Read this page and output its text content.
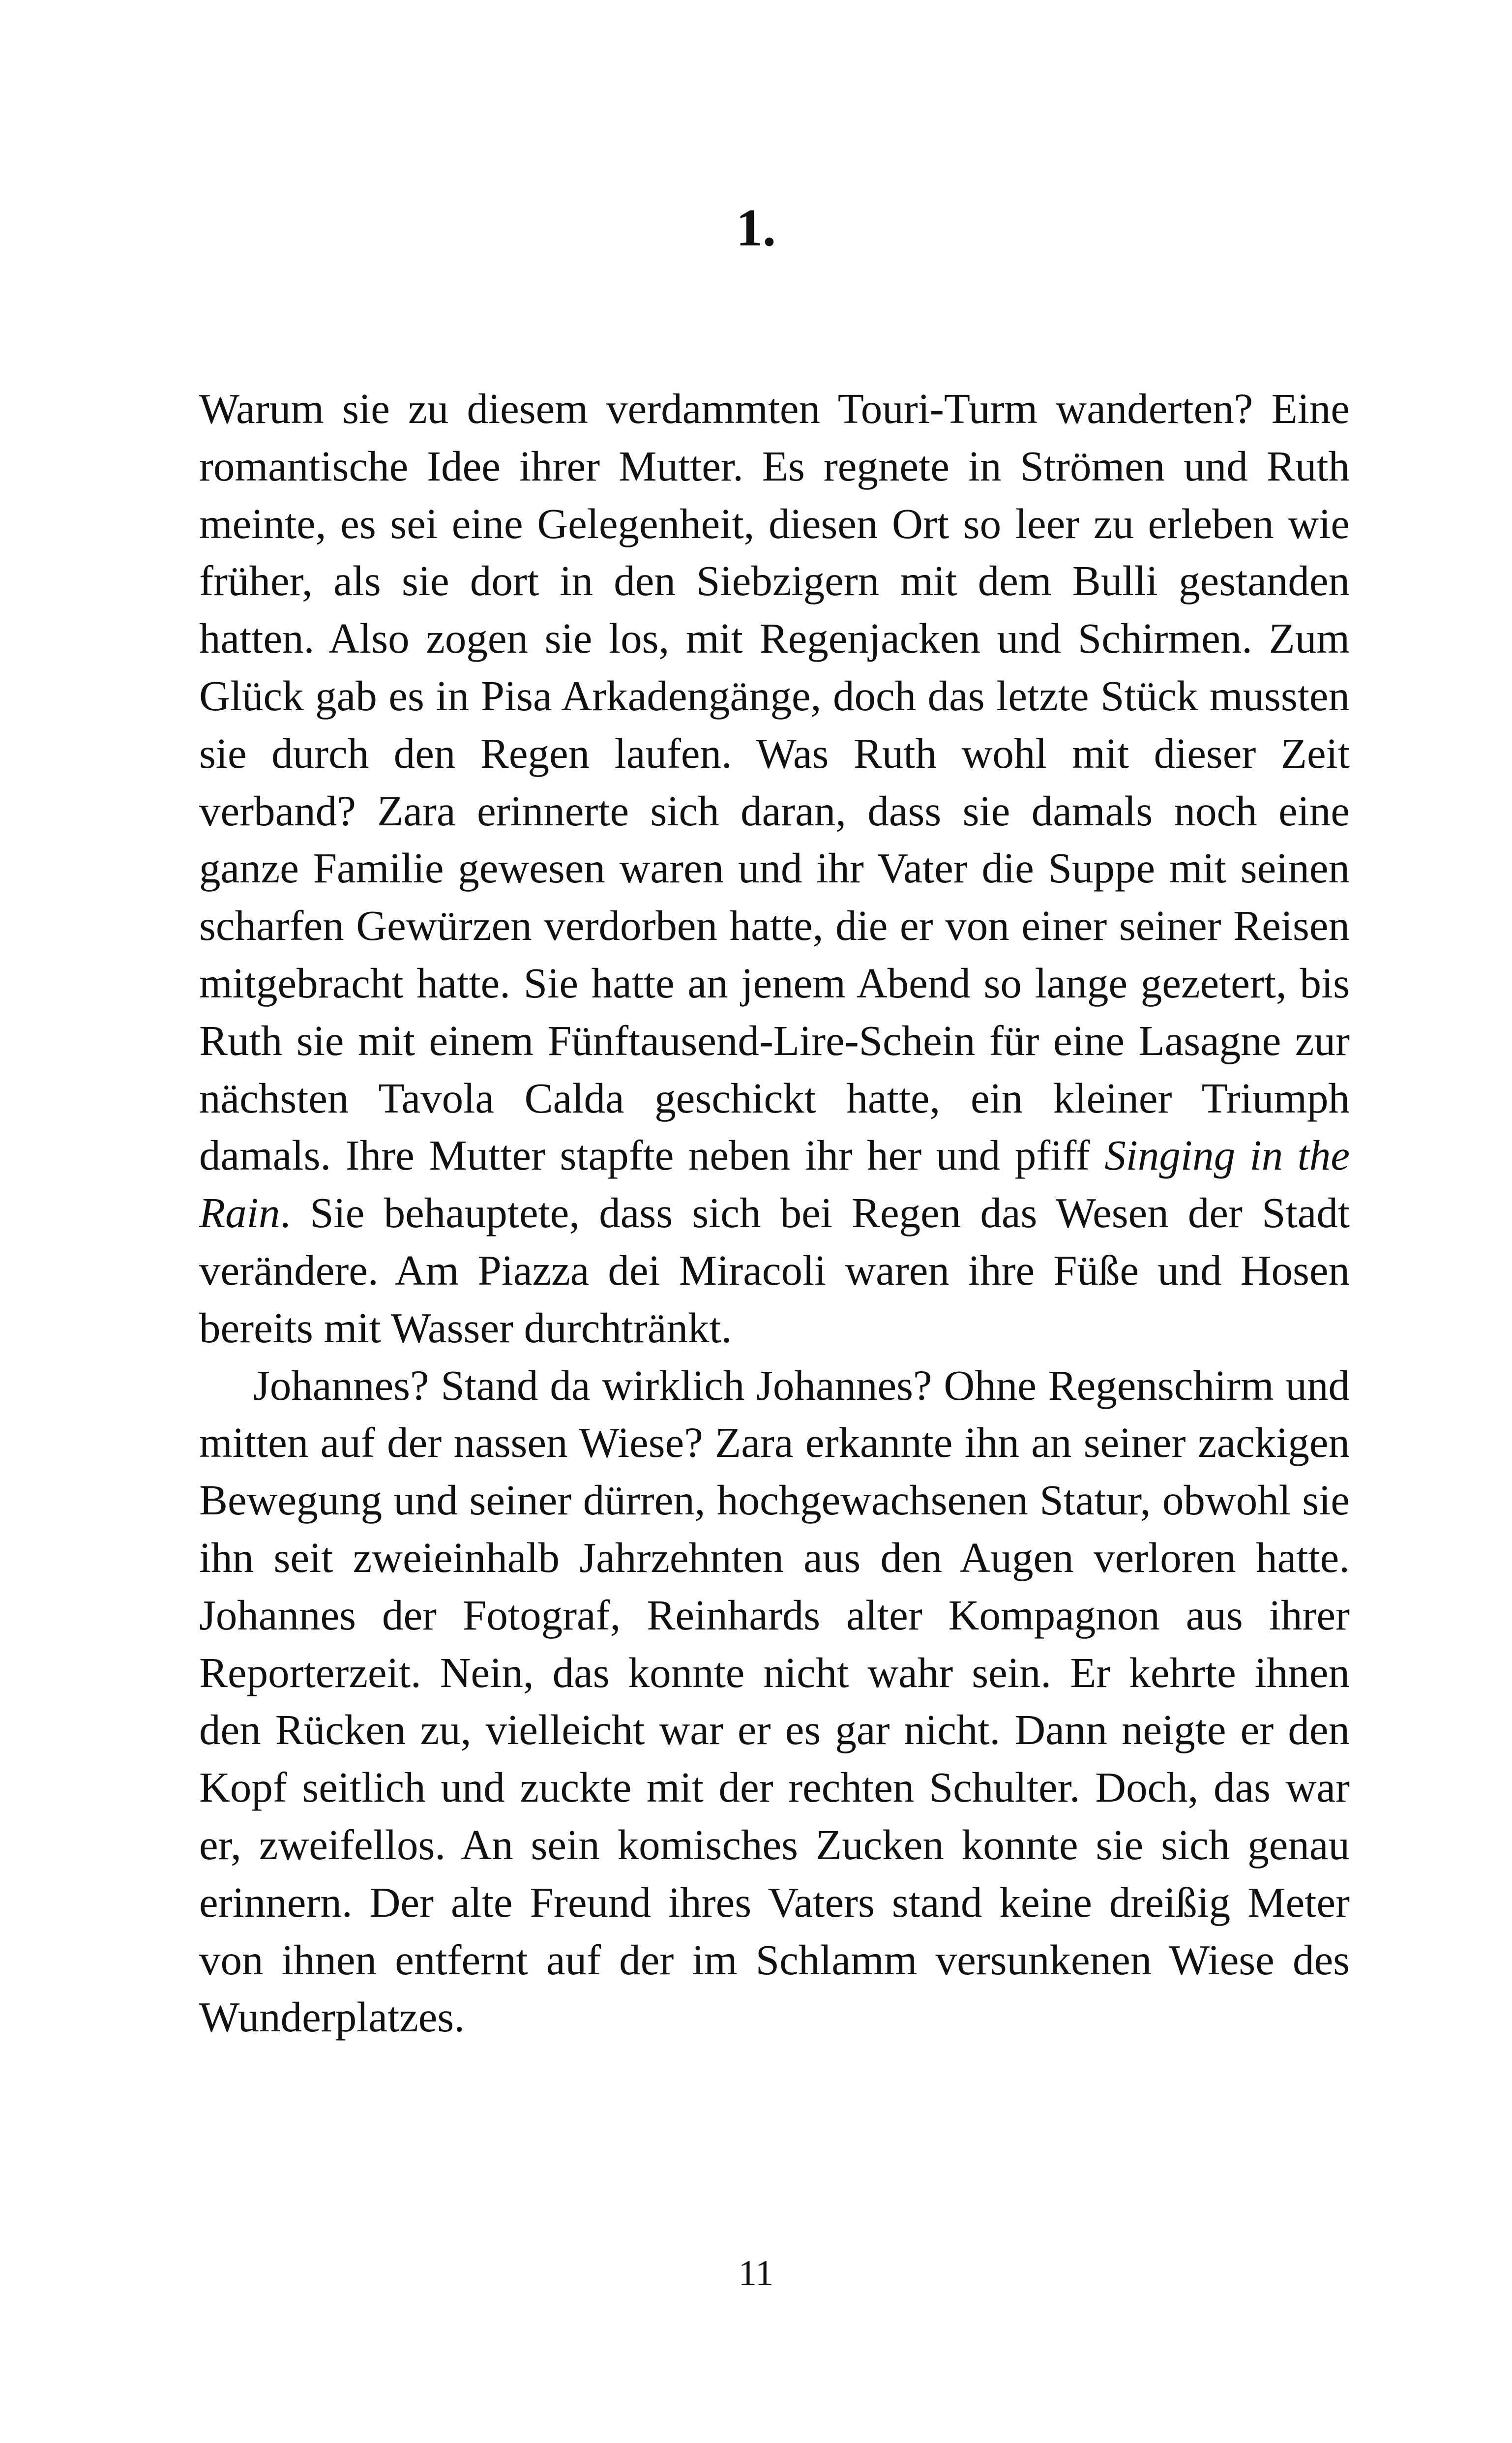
1.

Warum sie zu diesem verdammten Touri-Turm wanderten? Eine romantische Idee ihrer Mutter. Es regnete in Strömen und Ruth meinte, es sei eine Gelegenheit, diesen Ort so leer zu erleben wie früher, als sie dort in den Siebzigern mit dem Bulli gestanden hatten. Also zogen sie los, mit Regenjacken und Schirmen. Zum Glück gab es in Pisa Arkadengänge, doch das letzte Stück mussten sie durch den Regen laufen. Was Ruth wohl mit dieser Zeit verband? Zara erinnerte sich daran, dass sie damals noch eine ganze Familie gewesen waren und ihr Vater die Suppe mit seinen scharfen Gewürzen verdorben hatte, die er von einer seiner Reisen mitgebracht hatte. Sie hatte an jenem Abend so lange gezetert, bis Ruth sie mit einem Fünftausend-Lire-Schein für eine Lasagne zur nächsten Tavola Calda geschickt hatte, ein kleiner Triumph damals. Ihre Mutter stapfte neben ihr her und pfiff Singing in the Rain. Sie behauptete, dass sich bei Regen das Wesen der Stadt verändere. Am Piazza dei Miracoli waren ihre Füße und Hosen bereits mit Wasser durchtränkt.

Johannes? Stand da wirklich Johannes? Ohne Regenschirm und mitten auf der nassen Wiese? Zara erkannte ihn an seiner zackigen Bewegung und seiner dürren, hochgewachsenen Statur, obwohl sie ihn seit zweieinhalb Jahrzehnten aus den Augen verloren hatte. Johannes der Fotograf, Reinhards alter Kompagnon aus ihrer Reporterzeit. Nein, das konnte nicht wahr sein. Er kehrte ihnen den Rücken zu, vielleicht war er es gar nicht. Dann neigte er den Kopf seitlich und zuckte mit der rechten Schulter. Doch, das war er, zweifellos. An sein komisches Zucken konnte sie sich genau erinnern. Der alte Freund ihres Vaters stand keine dreißig Meter von ihnen entfernt auf der im Schlamm versunkenen Wiese des Wunderplatzes.

11
